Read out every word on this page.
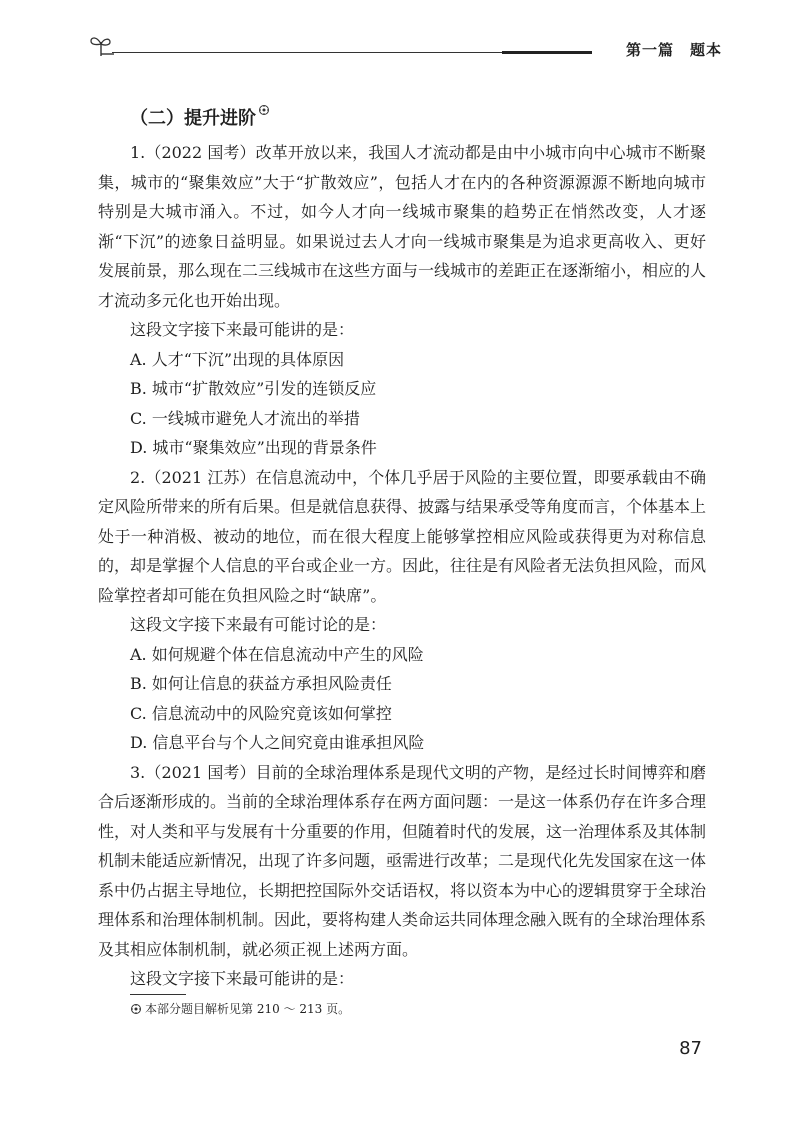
第一篇　题本
（二）提升进阶

1.（2022 国考）改革开放以来，我国人才流动都是由中小城市向中心城市不断聚集，城市的“聚集效应”大于“扩散效应”，包括人才在内的各种资源源源不断地向城市特别是大城市涌入。不过，如今人才向一线城市聚集的趋势正在悄然改变，人才逐渐“下沉”的迹象日益明显。如果说过去人才向一线城市聚集是为追求更高收入、更好发展前景，那么现在二三线城市在这些方面与一线城市的差距正在逐渐缩小，相应的人才流动多元化也开始出现。

这段文字接下来最可能讲的是：

A. 人才“下沉”出现的具体原因

B. 城市“扩散效应”引发的连锁反应

C. 一线城市避免人才流出的举措

D. 城市“聚集效应”出现的背景条件

2.（2021 江苏）在信息流动中，个体几乎居于风险的主要位置，即要承载由不确定风险所带来的所有后果。但是就信息获得、披露与结果承受等角度而言，个体基本上处于一种消极、被动的地位，而在很大程度上能够掌控相应风险或获得更为对称信息的，却是掌握个人信息的平台或企业一方。因此，往往是有风险者无法负担风险，而风险掌控者却可能在负担风险之时“缺席”。

这段文字接下来最有可能讨论的是：

A. 如何规避个体在信息流动中产生的风险

B. 如何让信息的获益方承担风险责任

C. 信息流动中的风险究竟该如何掌控

D. 信息平台与个人之间究竟由谁承担风险

3.（2021 国考）目前的全球治理体系是现代文明的产物，是经过长时间博弈和磨合后逐渐形成的。当前的全球治理体系存在两方面问题：一是这一体系仍存在许多合理性，对人类和平与发展有十分重要的作用，但随着时代的发展，这一治理体系及其体制机制未能适应新情况，出现了许多问题，亟需进行改革；二是现代化先发国家在这一体系中仍占据主导地位，长期把控国际外交话语权，将以资本为中心的逻辑贯穿于全球治理体系和治理体制机制。因此，要将构建人类命运共同体理念融入既有的全球治理体系及其相应体制机制，就必须正视上述两方面。

这段文字接下来最可能讲的是：

本部分题目解析见第 210 ～ 213 页。
87
